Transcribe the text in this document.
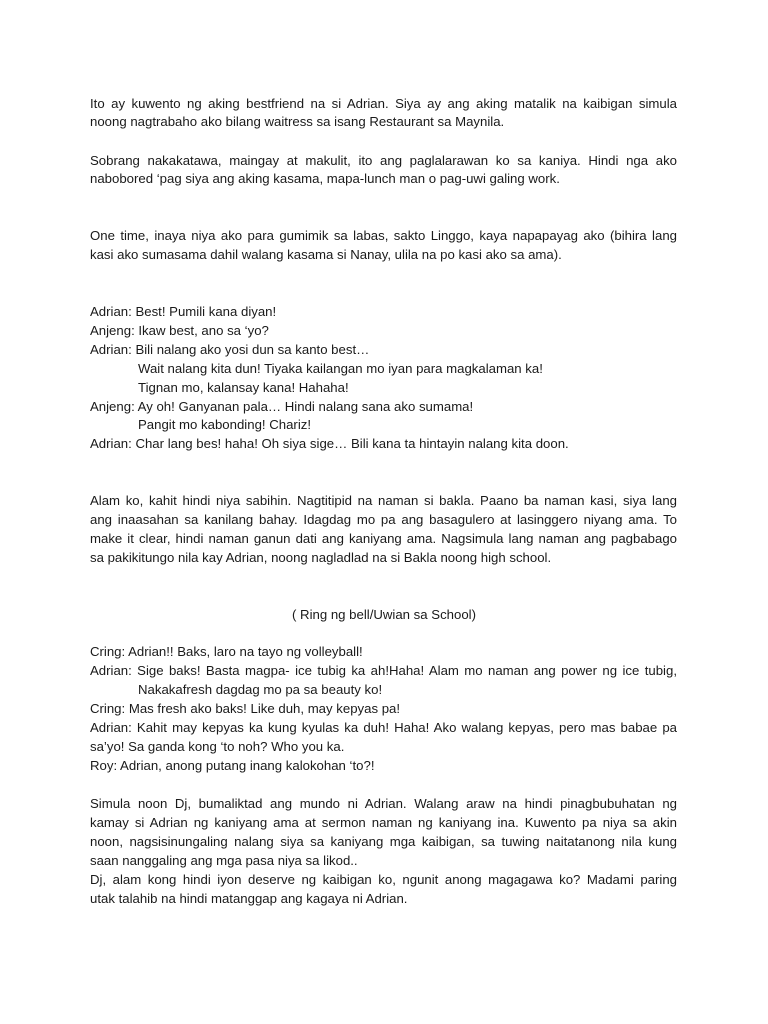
Ito ay kuwento ng aking bestfriend na si Adrian. Siya ay ang aking matalik na kaibigan simula
noong nagtrabaho ako bilang waitress sa isang Restaurant sa Maynila.
Sobrang nakakatawa, maingay at makulit, ito ang paglalarawan ko sa kaniya. Hindi nga ako
nabobored ‘pag siya ang aking kasama, mapa-lunch man o pag-uwi galing work.
One time, inaya niya ako para gumimik sa labas, sakto Linggo, kaya napapayag ako (bihira lang
kasi ako sumasama dahil walang kasama si Nanay, ulila na po kasi ako sa ama).
Adrian: Best! Pumili kana diyan!
Anjeng: Ikaw best, ano sa ‘yo?
Adrian: Bili nalang ako yosi dun sa kanto best…
Wait nalang kita dun! Tiyaka kailangan mo iyan para magkalaman ka!
Tignan mo, kalansay kana! Hahaha!
Anjeng: Ay oh! Ganyanan pala… Hindi nalang sana ako sumama!
Pangit mo kabonding! Chariz!
Adrian: Char lang bes! haha! Oh siya sige… Bili kana ta hintayin nalang kita doon.
Alam ko, kahit hindi niya sabihin. Nagtitipid na naman si bakla. Paano ba naman kasi, siya lang
ang inaasahan sa kanilang bahay. Idagdag mo pa ang basagulero at lasinggero niyang ama. To
make it clear, hindi naman ganun dati ang kaniyang ama. Nagsimula lang naman ang pagbabago
sa pakikitungo nila kay Adrian, noong nagladlad na si Bakla noong high school.
( Ring ng bell/Uwian sa School)
Cring: Adrian!! Baks, laro na tayo ng volleyball!
Adrian: Sige baks! Basta magpa- ice tubig ka ah!Haha! Alam mo naman ang power ng ice tubig,
Nakakafresh dagdag mo pa sa beauty ko!
Cring: Mas fresh ako baks! Like duh, may kepyas pa!
Adrian: Kahit may kepyas ka kung kyulas ka duh! Haha! Ako walang kepyas, pero mas babae pa
sa’yo! Sa ganda kong ‘to noh? Who you ka.
Roy: Adrian, anong putang inang kalokohan ‘to?!
Simula noon Dj, bumaliktad ang mundo ni Adrian. Walang araw na hindi pinagbubuhatan ng
kamay si Adrian ng kaniyang ama at sermon naman ng kaniyang ina. Kuwento pa niya sa akin
noon, nagsisinungaling nalang siya sa kaniyang mga kaibigan, sa tuwing naitatanong nila kung
saan nanggaling ang mga pasa niya sa likod..
Dj, alam kong hindi iyon deserve ng kaibigan ko, ngunit anong magagawa ko? Madami paring
utak talahib na hindi matanggap ang kagaya ni Adrian.
